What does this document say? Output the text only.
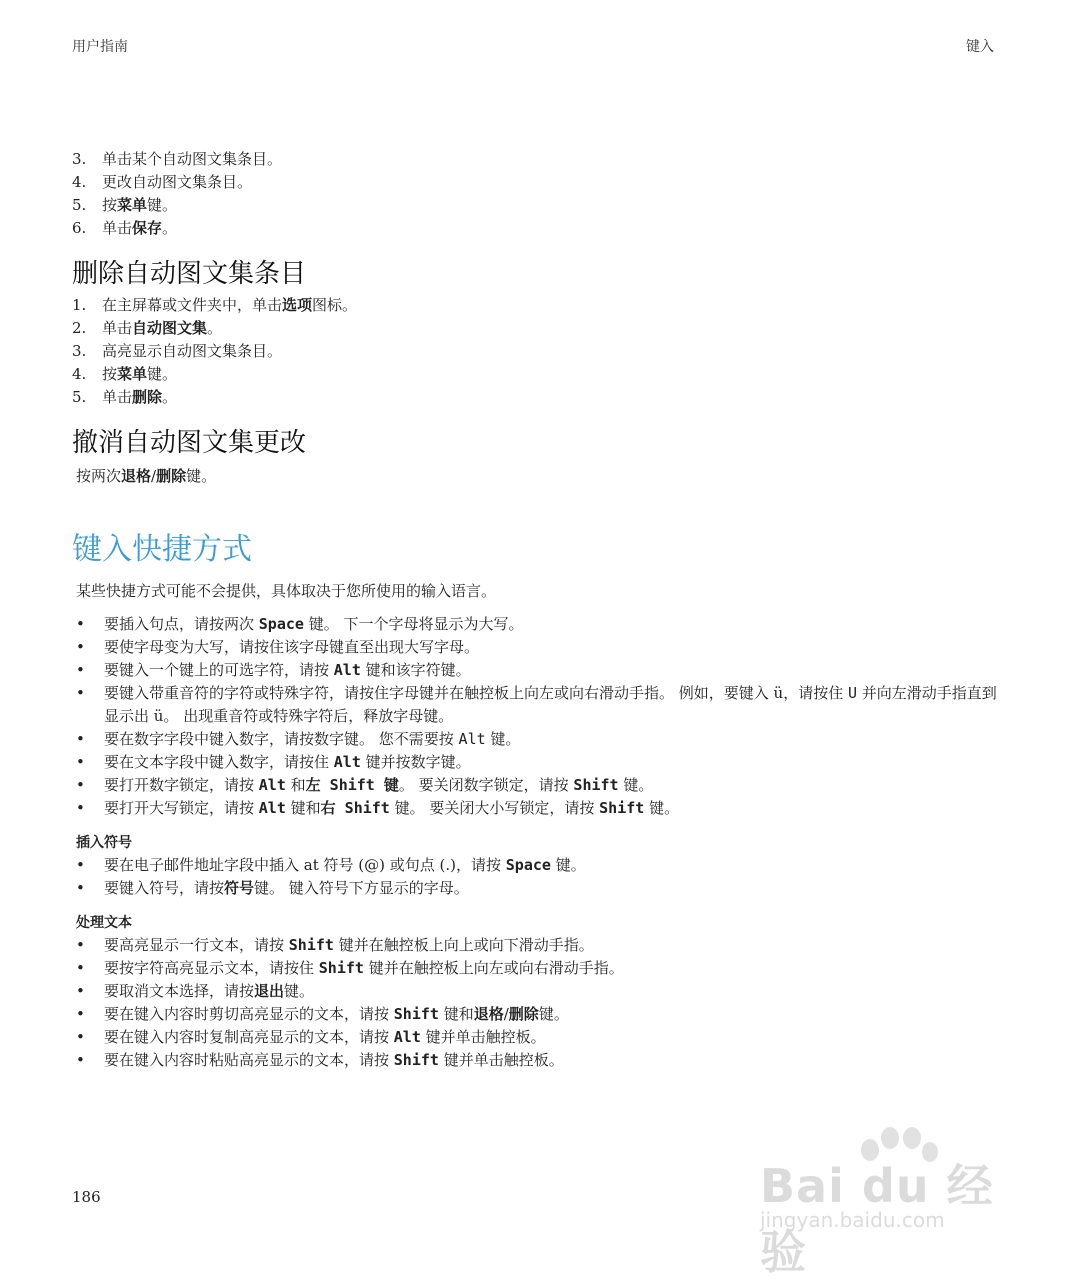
用户指南	键入
3.	单击某个自动图文集条目。
4.	更改自动图文集条目。
5.	按菜单键。
6.	单击保存。
删除自动图文集条目
1.	在主屏幕或文件夹中，单击选项图标。
2.	单击自动图文集。
3.	高亮显示自动图文集条目。
4.	按菜单键。
5.	单击删除。
撤消自动图文集更改

按两次退格/删除键。

键入快捷方式

某些快捷方式可能不会提供，具体取决于您所使用的输入语言。

• 要插入句点，请按两次 Space 键。 下一个字母将显示为大写。
• 要使字母变为大写，请按住该字母键直至出现大写字母。
• 要键入一个键上的可选字符，请按 Alt 键和该字符键。
• 要键入带重音符的字符或特殊字符，请按住字母键并在触控板上向左或向右滑动手指。 例如，要键入 ü，请按住 U 并向左滑动手指直到显示出 ü。 出现重音符或特殊字符后，释放字母键。
• 要在数字字段中键入数字，请按数字键。 您不需要按 Alt 键。
• 要在文本字段中键入数字，请按住 Alt 键并按数字键。
• 要打开数字锁定，请按 Alt 和左 Shift 键。 要关闭数字锁定，请按 Shift 键。
• 要打开大写锁定，请按 Alt 键和右 Shift 键。 要关闭大小写锁定，请按 Shift 键。
插入符号
• 要在电子邮件地址字段中插入 at 符号 (@) 或句点 (.)，请按 Space 键。
• 要键入符号，请按符号键。 键入符号下方显示的字母。
处理文本
• 要高亮显示一行文本，请按 Shift 键并在触控板上向上或向下滑动手指。
• 要按字符高亮显示文本，请按住 Shift 键并在触控板上向左或向右滑动手指。
• 要取消文本选择，请按退出键。
• 要在键入内容时剪切高亮显示的文本，请按 Shift 键和退格/删除键。
• 要在键入内容时复制高亮显示的文本，请按 Alt 键并单击触控板。
• 要在键入内容时粘贴高亮显示的文本，请按 Shift 键并单击触控板。
186	Bai du 经验
jingyan.baidu.com
